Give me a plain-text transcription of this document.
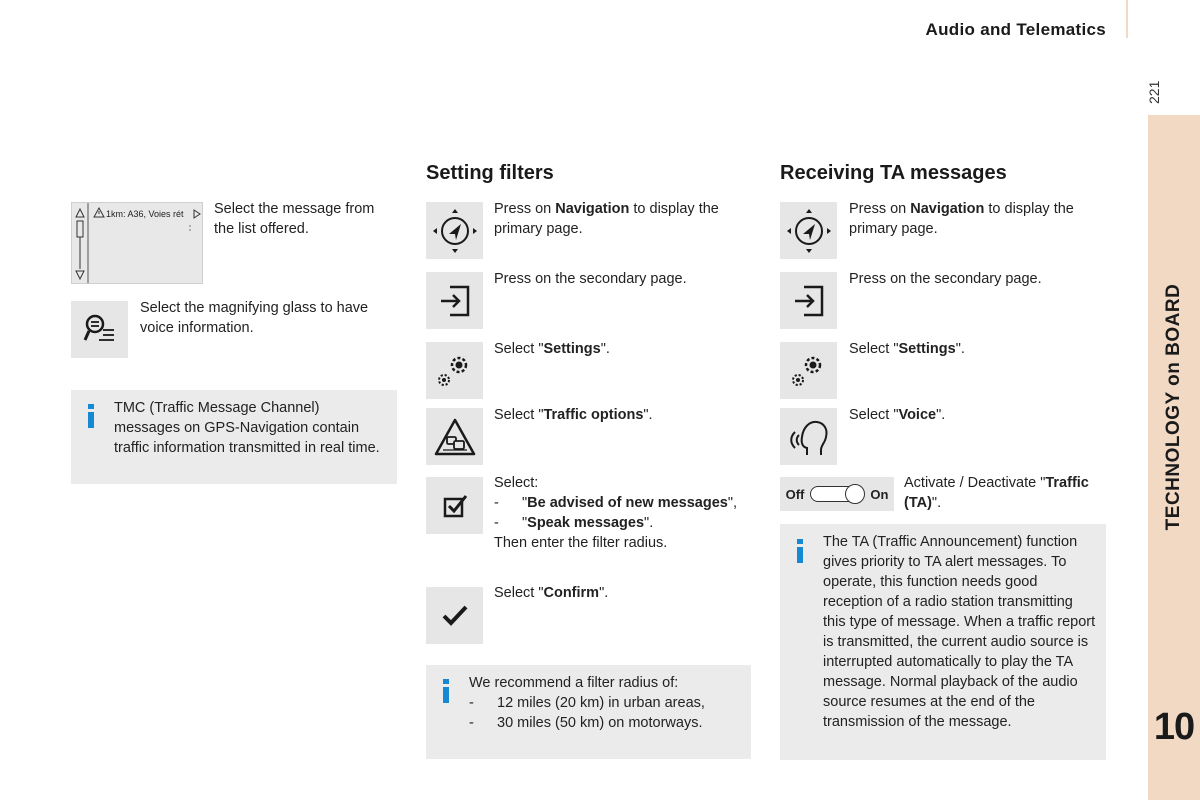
Audio and Telematics
221
TECHNOLOGY on BOARD
10
1km: A36, Voies rét Select the message from the list offered.
Select the magnifying glass to have voice information.
TMC (Traffic Message Channel) messages on GPS-Navigation contain traffic information transmitted in real time.
Setting filters
Press on Navigation to display the primary page.
Press on the secondary page.
Select "Settings".
Select "Traffic options".
Select:
-	"Be advised of new messages",
-	"Speak messages".
Then enter the filter radius.
Select "Confirm".
We recommend a filter radius of:
-	12 miles (20 km) in urban areas,
-	30 miles (50 km) on motorways.
Receiving TA messages
Press on Navigation to display the primary page.
Press on the secondary page.
Select "Settings".
Select "Voice".
Off	On
Activate / Deactivate "Traffic (TA)".
The TA (Traffic Announcement) function gives priority to TA alert messages. To operate, this function needs good reception of a radio station transmitting this type of message. When a traffic report is transmitted, the current audio source is interrupted automatically to play the TA message. Normal playback of the audio source resumes at the end of the transmission of the message.
